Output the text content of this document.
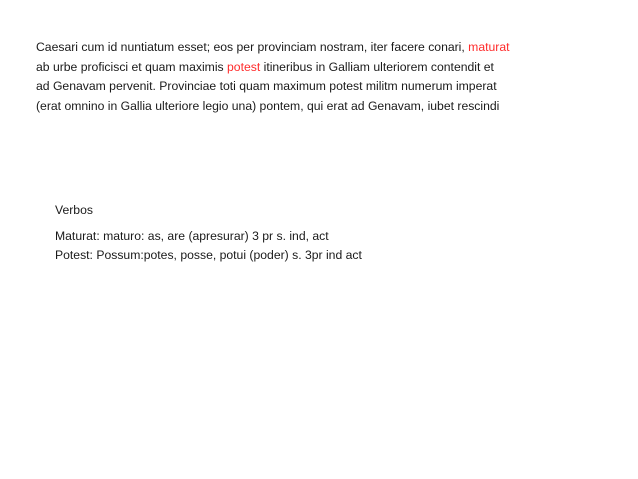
Caesari cum id nuntiatum esset; eos per provinciam nostram, iter facere conari, maturat
ab urbe proficisci et quam maximis potest itineribus in Galliam ulteriorem contendit et
ad Genavam pervenit. Provinciae toti quam maximum potest militm numerum imperat
(erat omnino in Gallia ulteriore legio una) pontem, qui erat ad Genavam, iubet rescindi
Verbos
Maturat: maturo: as, are (apresurar) 3 pr s. ind, act
Potest: Possum:potes, posse, potui (poder) s. 3pr ind act
